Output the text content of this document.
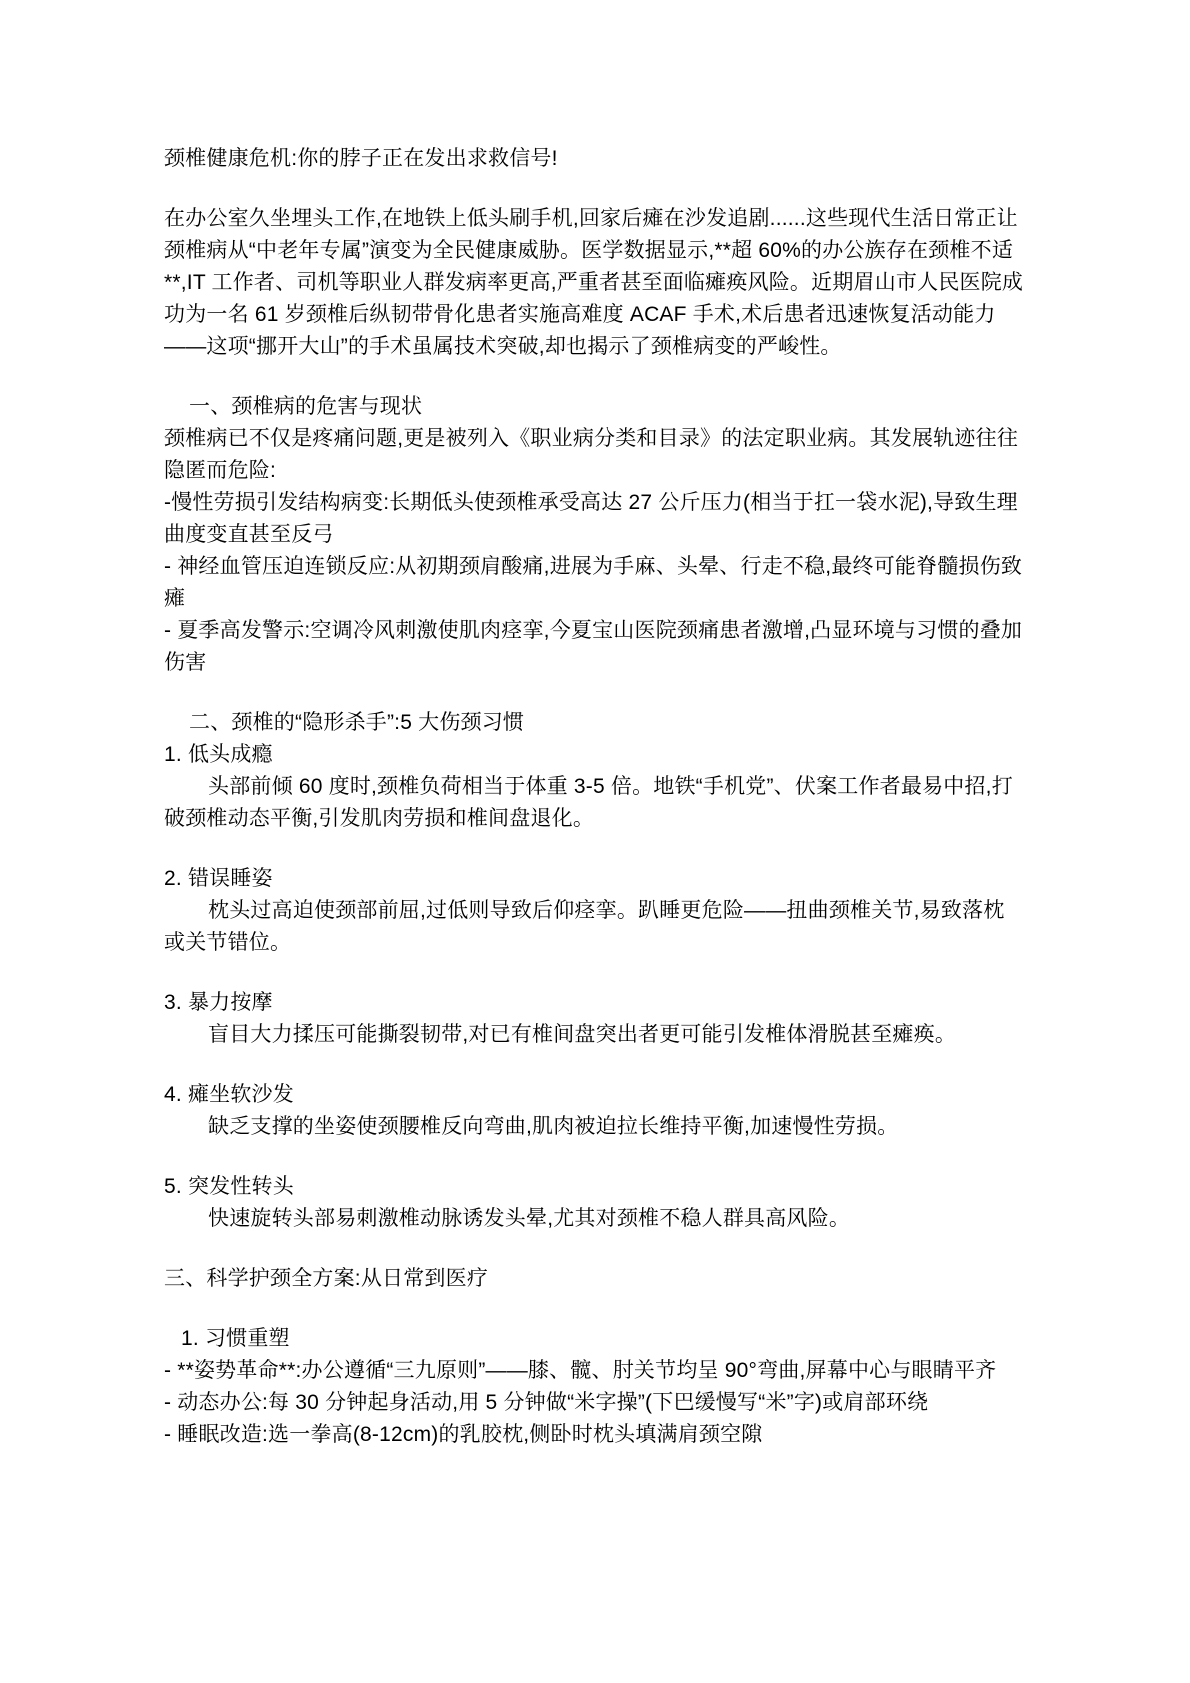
颈椎健康危机:你的脖子正在发出求救信号!

在办公室久坐埋头工作,在地铁上低头刷手机,回家后瘫在沙发追剧......这些现代生活日常正让颈椎病从“中老年专属”演变为全民健康威胁。医学数据显示,**超 60%的办公族存在颈椎不适**,IT 工作者、司机等职业人群发病率更高,严重者甚至面临瘫痪风险。近期眉山市人民医院成功为一名 61 岁颈椎后纵韧带骨化患者实施高难度 ACAF 手术,术后患者迅速恢复活动能力——这项“挪开大山”的手术虽属技术突破,却也揭示了颈椎病变的严峻性。

一、颈椎病的危害与现状

颈椎病已不仅是疼痛问题,更是被列入《职业病分类和目录》的法定职业病。其发展轨迹往往隐匿而危险:

-慢性劳损引发结构病变:长期低头使颈椎承受高达 27 公斤压力(相当于扛一袋水泥),导致生理曲度变直甚至反弓

- 神经血管压迫连锁反应:从初期颈肩酸痛,进展为手麻、头晕、行走不稳,最终可能脊髓损伤致瘫

- 夏季高发警示:空调冷风刺激使肌肉痉挛,今夏宝山医院颈痛患者激增,凸显环境与习惯的叠加伤害

二、颈椎的“隐形杀手”:5 大伤颈习惯

1. 低头成瘾

头部前倾 60 度时,颈椎负荷相当于体重 3-5 倍。地铁“手机党”、伏案工作者最易中招,打破颈椎动态平衡,引发肌肉劳损和椎间盘退化。

2. 错误睡姿

枕头过高迫使颈部前屈,过低则导致后仰痉挛。趴睡更危险——扭曲颈椎关节,易致落枕或关节错位。

3. 暴力按摩

盲目大力揉压可能撕裂韧带,对已有椎间盘突出者更可能引发椎体滑脱甚至瘫痪。

4. 瘫坐软沙发

缺乏支撑的坐姿使颈腰椎反向弯曲,肌肉被迫拉长维持平衡,加速慢性劳损。

5. 突发性转头

快速旋转头部易刺激椎动脉诱发头晕,尤其对颈椎不稳人群具高风险。

三、科学护颈全方案:从日常到医疗

1. 习惯重塑

- **姿势革命**:办公遵循“三九原则”——膝、髋、肘关节均呈 90°弯曲,屏幕中心与眼睛平齐

- 动态办公:每 30 分钟起身活动,用 5 分钟做“米字操”(下巴缓慢写“米”字)或肩部环绕

- 睡眠改造:选一拳高(8-12cm)的乳胶枕,侧卧时枕头填满肩颈空隙
